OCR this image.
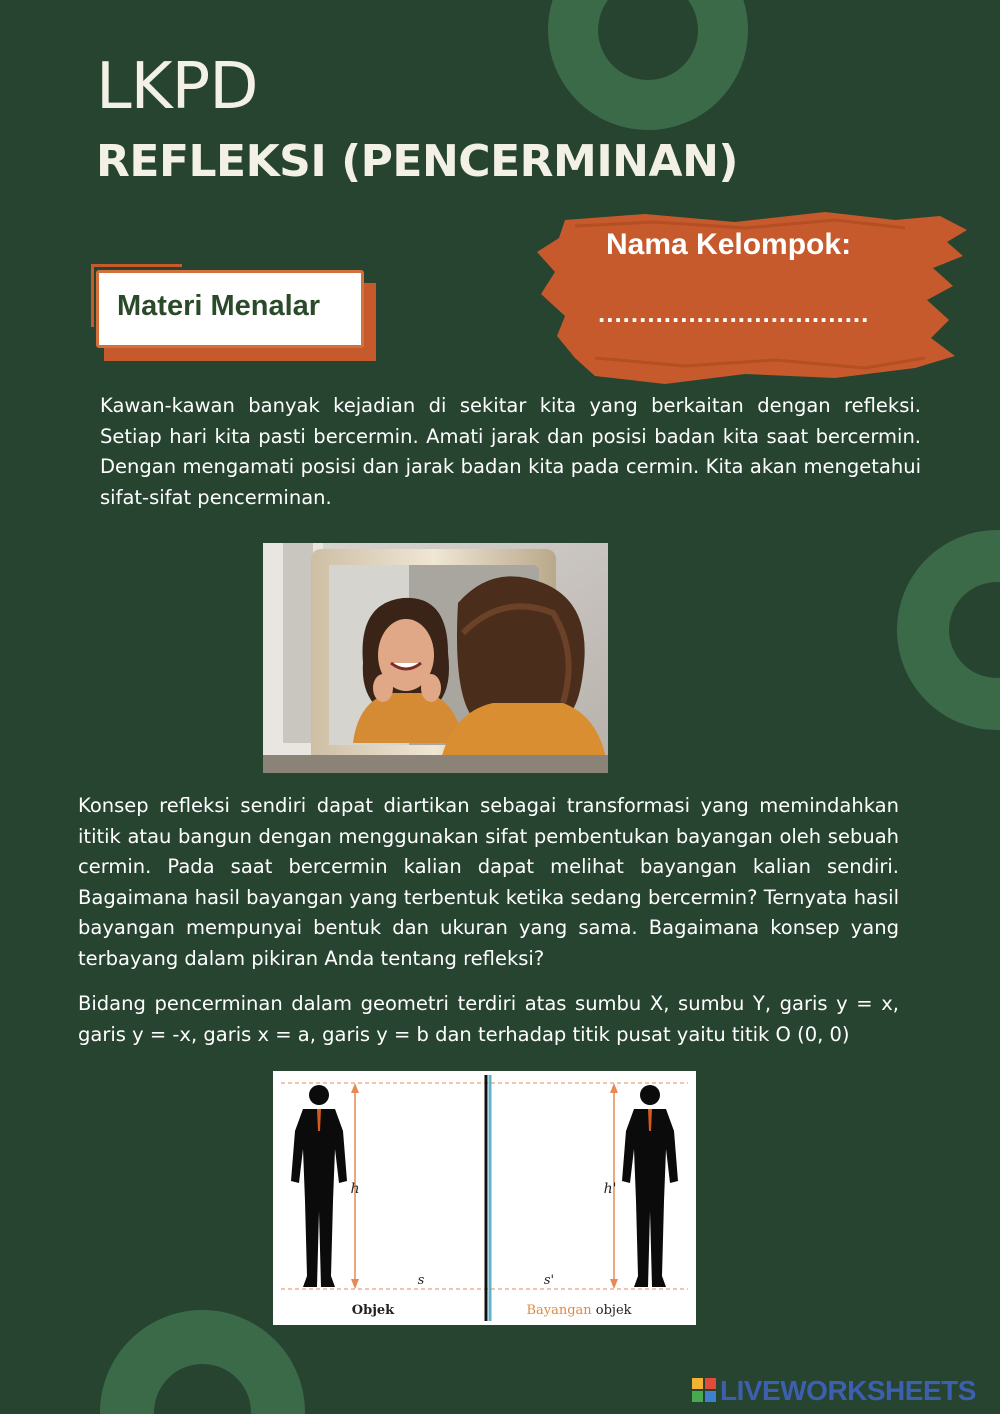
LKPD
REFLEKSI (PENCERMINAN)
Nama Kelompok:
.................................
Materi Menalar

Kawan-kawan banyak kejadian di sekitar kita yang berkaitan dengan refleksi. Setiap hari kita pasti bercermin. Amati jarak dan posisi badan kita saat bercermin. Dengan mengamati posisi dan jarak badan kita pada cermin. Kita akan mengetahui sifat-sifat pencerminan.

Konsep refleksi sendiri dapat diartikan sebagai transformasi yang memindahkan ititik atau bangun dengan menggunakan sifat pembentukan bayangan oleh sebuah cermin. Pada saat bercermin kalian dapat melihat bayangan kalian sendiri. Bagaimana hasil bayangan yang terbentuk ketika sedang bercermin? Ternyata hasil bayangan mempunyai bentuk dan ukuran yang sama. Bagaimana konsep yang terbayang dalam pikiran Anda tentang refleksi?

Bidang pencerminan dalam geometri terdiri atas sumbu X, sumbu Y, garis y = x, garis y = -x, garis x = a, garis y = b dan terhadap titik pusat yaitu titik O (0, 0)

h	h'
s	s'
Objek	Bayangan objek
LIVEWORKSHEETS
